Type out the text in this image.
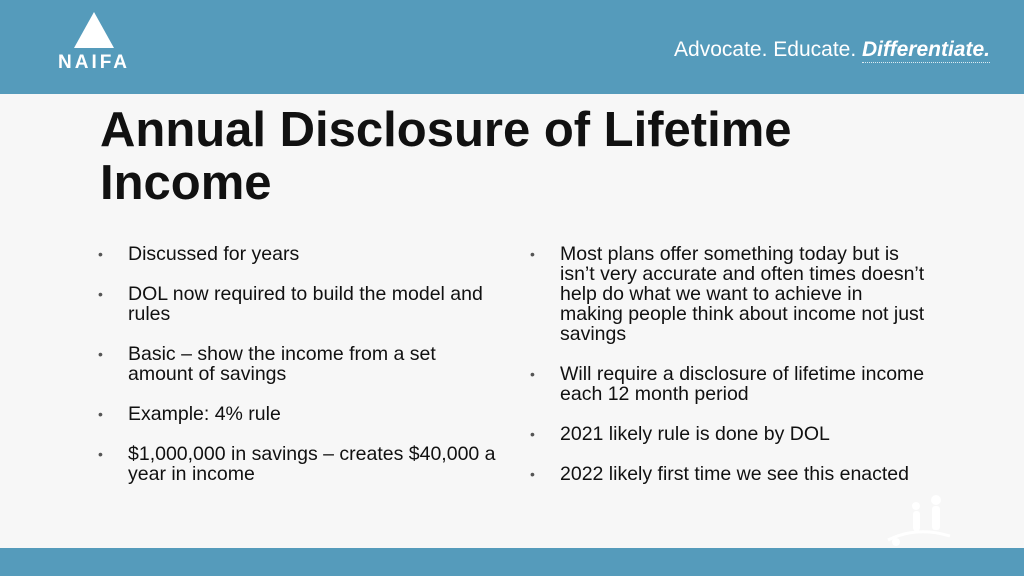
NAIFA
Advocate. Educate. Differentiate.
Annual Disclosure of Lifetime Income
• Discussed for years
• DOL now required to build the model and rules
• Basic – show the income from a set amount of savings
• Example: 4% rule
• $1,000,000 in savings – creates $40,000 a year in income
• Most plans offer something today but is isn’t very accurate and often times doesn’t help do what we want to achieve in making people think about income not just savings
• Will require a disclosure of lifetime income each 12 month period
• 2021 likely rule is done by DOL
• 2022 likely first time we see this enacted
